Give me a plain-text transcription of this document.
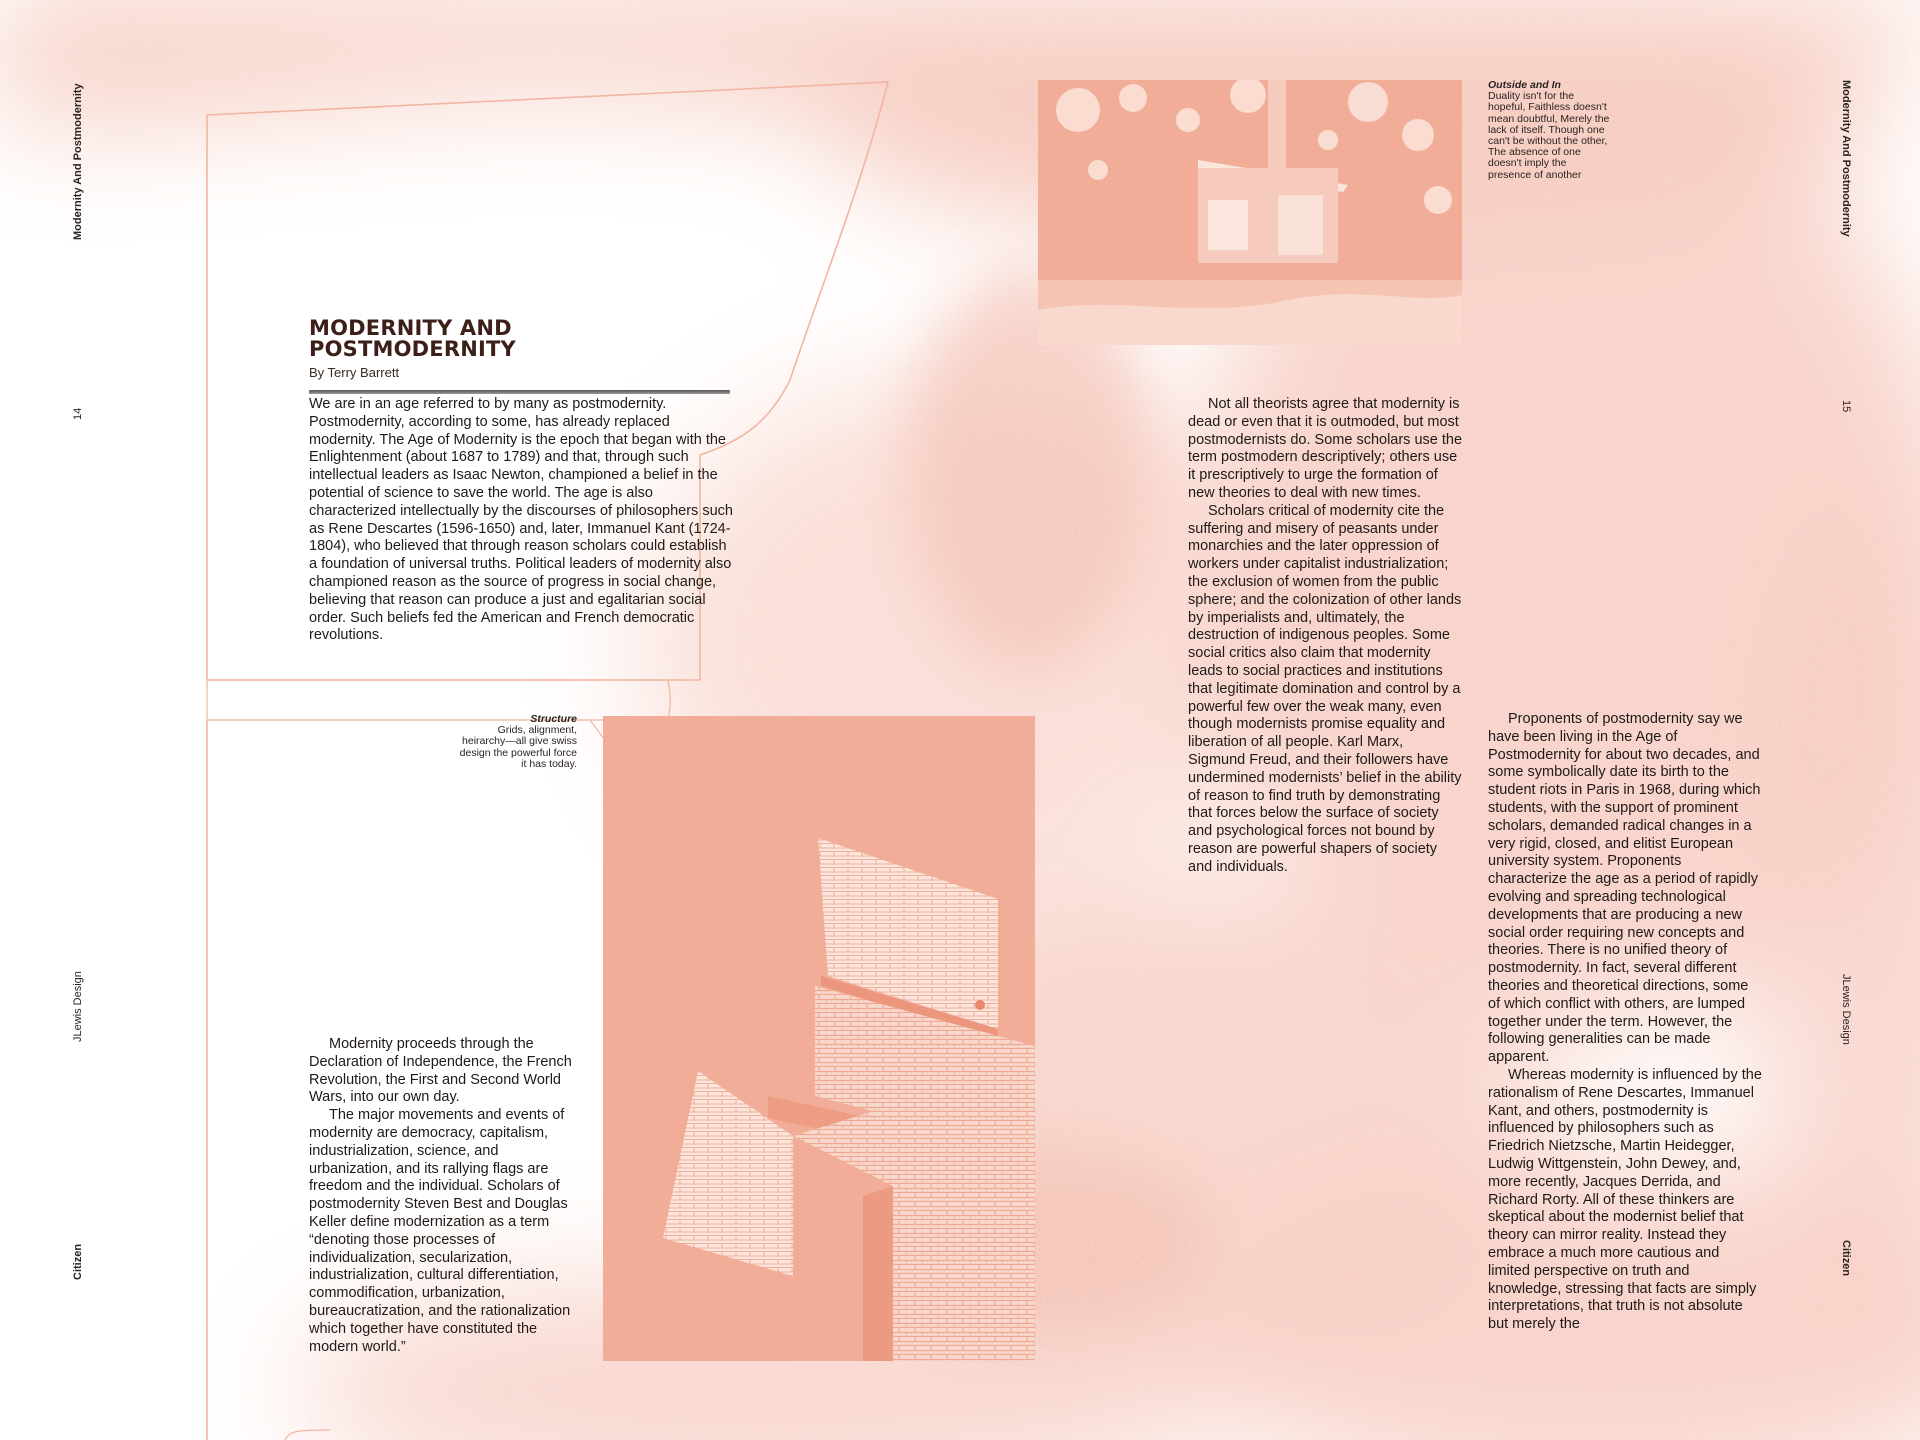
Modernity And Postmodernity
14
JLewis Design
Citizen
Modernity And Postmodernity
15
JLewis Design
Citizen
MODERNITY AND POSTMODERNITY
By Terry Barrett

We are in an age referred to by many as postmodernity. Postmodernity, according to some, has already replaced modernity. The Age of Modernity is the epoch that began with the Enlightenment (about 1687 to 1789) and that, through such intellectual leaders as Isaac Newton, championed a belief in the potential of science to save the world. The age is also characterized intellectually by the discourses of philosophers such as Rene Descartes (1596-1650) and, later, Immanuel Kant (1724-1804), who believed that through reason scholars could establish a foundation of universal truths. Political leaders of modernity also championed reason as the source of progress in social change, believing that reason can produce a just and egalitarian social order. Such beliefs fed the American and French democratic revolutions.

Structure
Grids, alignment, heirarchy—all give swiss design the powerful force it has today.

Modernity proceeds through the Declaration of Independence, the French Revolution, the First and Second World Wars, into our own day.

The major movements and events of modernity are democracy, capitalism, industrialization, science, and urbanization, and its rallying flags are freedom and the individual. Scholars of postmodernity Steven Best and Douglas Keller define modernization as a term “denoting those processes of individualization, secularization, industrialization, cultural differentiation, commodification, urbanization, bureaucratization, and the rationalization which together have constituted the modern world.”

Outside and In
Duality isn't for the hopeful, Faithless doesn't mean doubtful, Merely the lack of itself. Though one can't be without the other, The absence of one doesn't imply the presence of another

Not all theorists agree that modernity is dead or even that it is outmoded, but most postmodernists do. Some scholars use the term postmodern descriptively; others use it prescriptively to urge the formation of new theories to deal with new times.

Scholars critical of modernity cite the suffering and misery of peasants under monarchies and the later oppression of workers under capitalist industrialization; the exclusion of women from the public sphere; and the colonization of other lands by imperialists and, ultimately, the destruction of indigenous peoples. Some social critics also claim that modernity leads to social practices and institutions that legitimate domination and control by a powerful few over the weak many, even though modernists promise equality and liberation of all people. Karl Marx, Sigmund Freud, and their followers have undermined modernists’ belief in the ability of reason to find truth by demonstrating that forces below the surface of society and psychological forces not bound by reason are powerful shapers of society and individuals.

Proponents of postmodernity say we have been living in the Age of Postmodernity for about two decades, and some symbolically date its birth to the student riots in Paris in 1968, during which students, with the support of prominent scholars, demanded radical changes in a very rigid, closed, and elitist European university system. Proponents characterize the age as a period of rapidly evolving and spreading technological developments that are producing a new social order requiring new concepts and theories. There is no unified theory of postmodernity. In fact, several different theories and theoretical directions, some of which conflict with others, are lumped together under the term. However, the following generalities can be made apparent.

Whereas modernity is influenced by the rationalism of Rene Descartes, Immanuel Kant, and others, postmodernity is influenced by philosophers such as Friedrich Nietzsche, Martin Heidegger, Ludwig Wittgenstein, John Dewey, and, more recently, Jacques Derrida, and Richard Rorty. All of these thinkers are skeptical about the modernist belief that theory can mirror reality. Instead they embrace a much more cautious and limited perspective on truth and knowledge, stressing that facts are simply interpretations, that truth is not absolute but merely the
